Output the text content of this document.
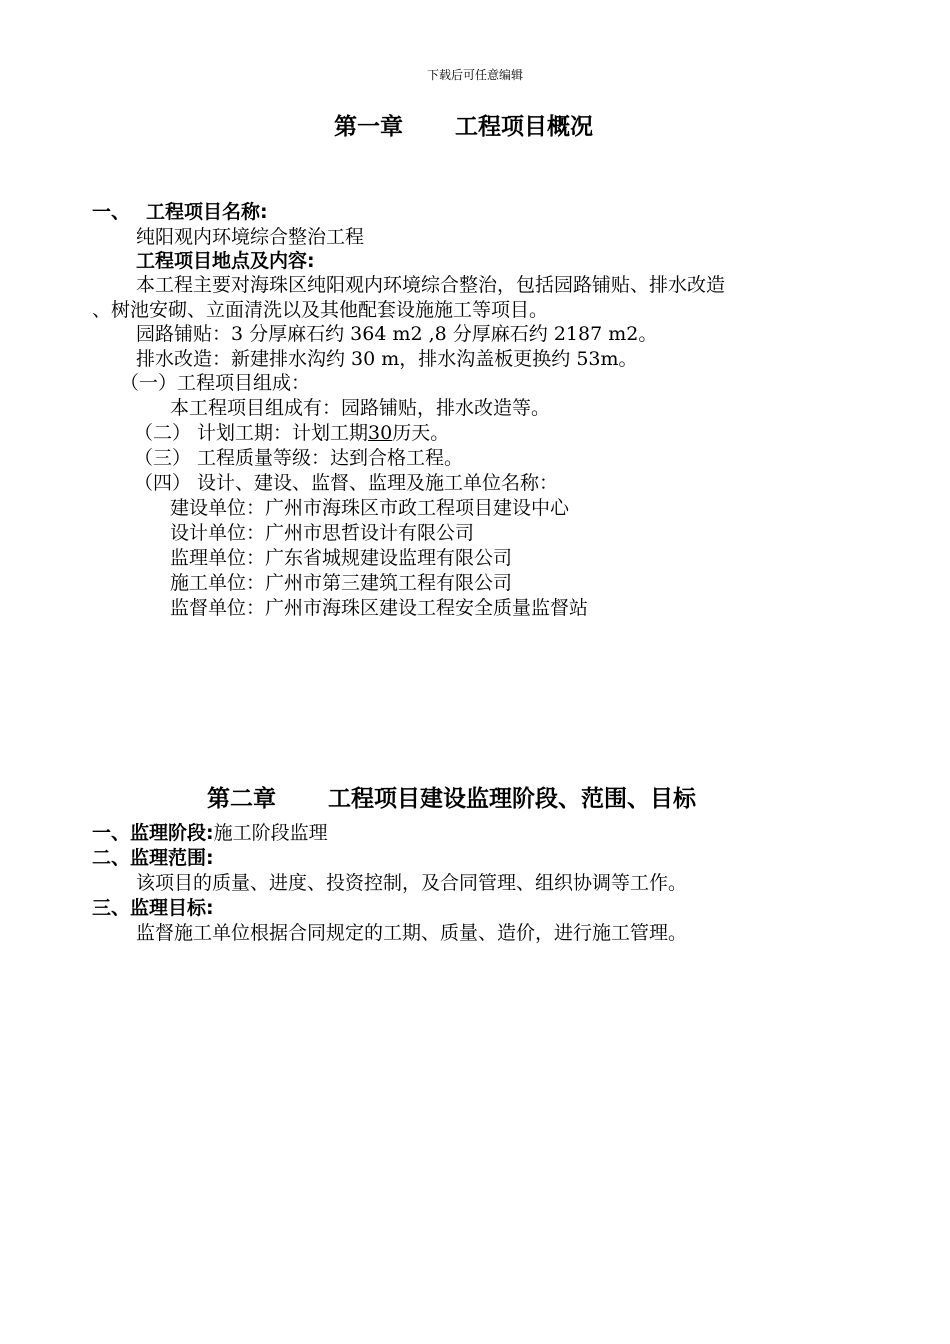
下载后可任意编辑
第一章 工程项目概况
一、 工程项目名称:
纯阳观内环境综合整治工程
工程项目地点及内容:
本工程主要对海珠区纯阳观内环境综合整治，包括园路铺贴、排水改造
、树池安砌、立面清洗以及其他配套设施施工等项目。
园路铺贴：3 分厚麻石约 364 m2 ,8 分厚麻石约 2187 m2。
排水改造：新建排水沟约 30 m，排水沟盖板更换约 53m。
（一）工程项目组成：
本工程项目组成有：园路铺贴，排水改造等。
（二） 计划工期：计划工期30历天。
（三） 工程质量等级：达到合格工程。
（四） 设计、建设、监督、监理及施工单位名称：
建设单位：广州市海珠区市政工程项目建设中心
设计单位：广州市思哲设计有限公司
监理单位：广东省城规建设监理有限公司
施工单位：广州市第三建筑工程有限公司
监督单位：广州市海珠区建设工程安全质量监督站
第二章 工程项目建设监理阶段、范围、目标
一、监理阶段:施工阶段监理
二、监理范围:
该项目的质量、进度、投资控制，及合同管理、组织协调等工作。
三、监理目标:
监督施工单位根据合同规定的工期、质量、造价，进行施工管理。
